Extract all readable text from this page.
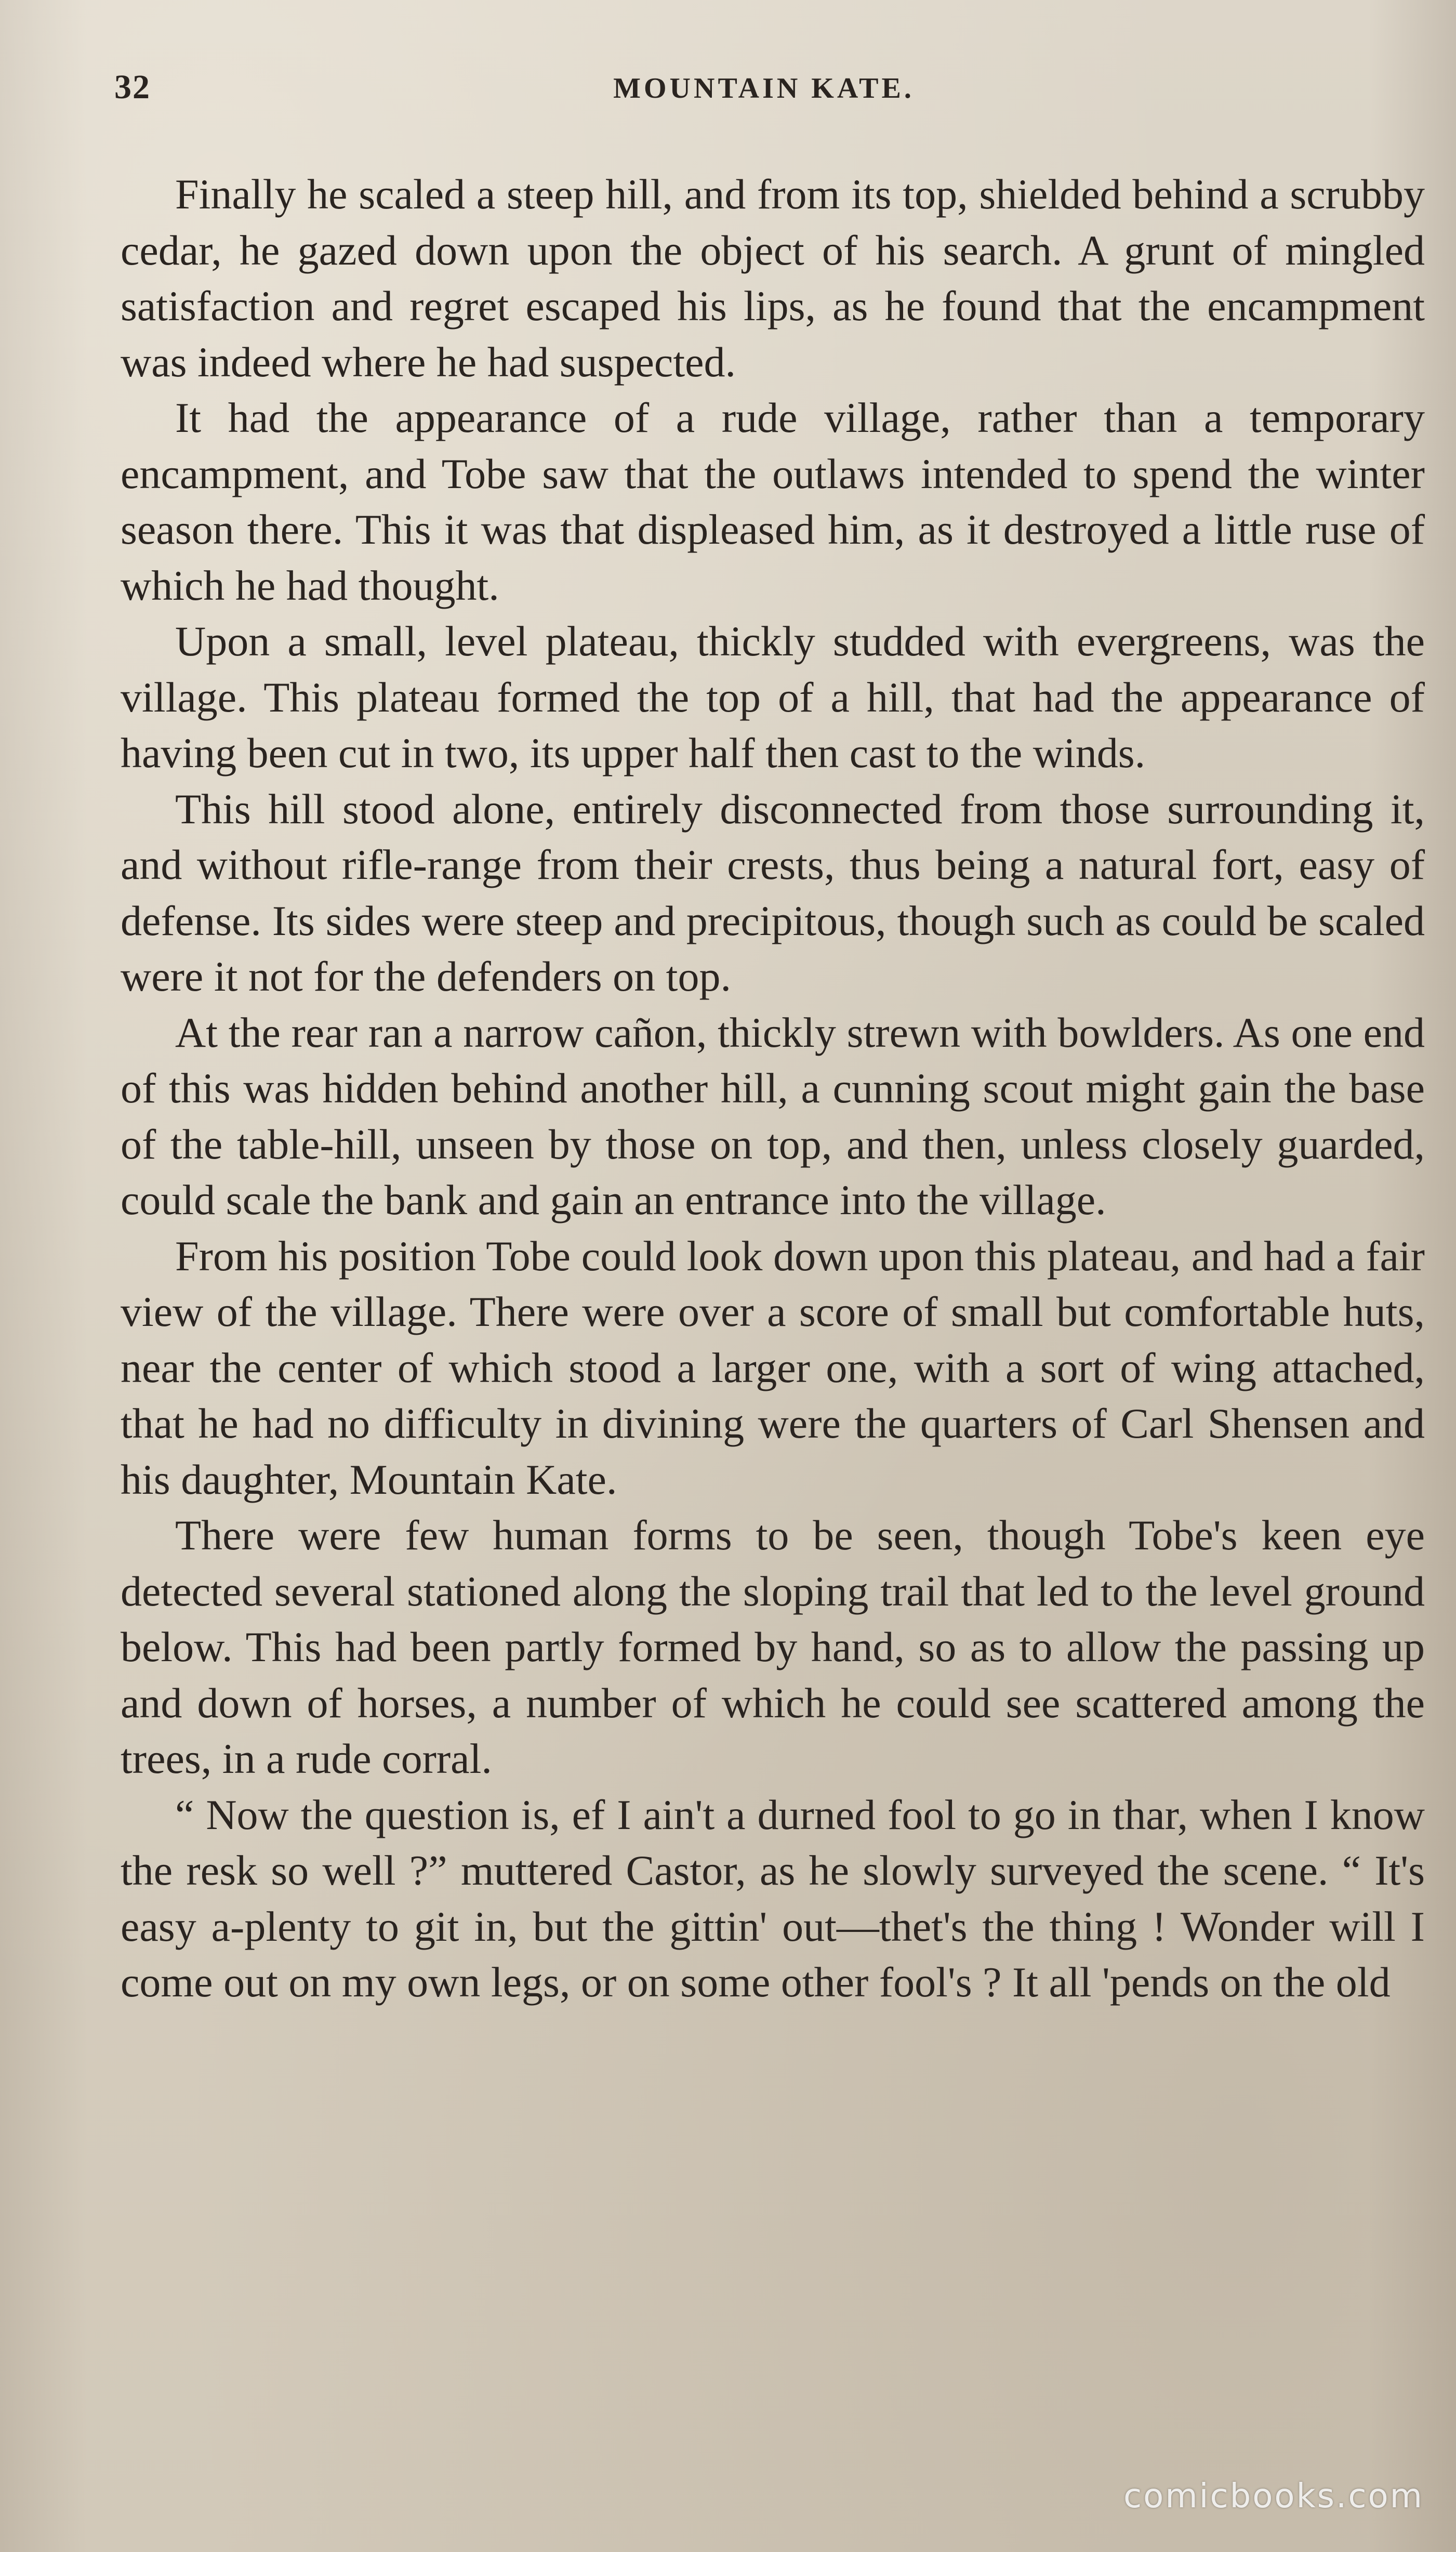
32	MOUNTAIN KATE.

Finally he scaled a steep hill, and from its top, shielded behind a scrubby cedar, he gazed down upon the object of his search. A grunt of mingled satisfaction and regret escaped his lips, as he found that the encampment was indeed where he had suspected.

It had the appearance of a rude village, rather than a temporary encampment, and Tobe saw that the outlaws intended to spend the winter season there. This it was that displeased him, as it destroyed a little ruse of which he had thought.

Upon a small, level plateau, thickly studded with evergreens, was the village. This plateau formed the top of a hill, that had the appearance of having been cut in two, its upper half then cast to the winds.

This hill stood alone, entirely disconnected from those surrounding it, and without rifle-range from their crests, thus being a natural fort, easy of defense. Its sides were steep and precipitous, though such as could be scaled were it not for the defenders on top.

At the rear ran a narrow cañon, thickly strewn with bowlders. As one end of this was hidden behind another hill, a cunning scout might gain the base of the table-hill, unseen by those on top, and then, unless closely guarded, could scale the bank and gain an entrance into the village.

From his position Tobe could look down upon this plateau, and had a fair view of the village. There were over a score of small but comfortable huts, near the center of which stood a larger one, with a sort of wing attached, that he had no difficulty in divining were the quarters of Carl Shensen and his daughter, Mountain Kate.

There were few human forms to be seen, though Tobe's keen eye detected several stationed along the sloping trail that led to the level ground below. This had been partly formed by hand, so as to allow the passing up and down of horses, a number of which he could see scattered among the trees, in a rude corral.

“ Now the question is, ef I ain't a durned fool to go in thar, when I know the resk so well ?” muttered Castor, as he slowly surveyed the scene. “ It's easy a-plenty to git in, but the gittin' out—thet's the thing ! Wonder will I come out on my own legs, or on some other fool's ? It all 'pends on the old

comicbooks.com
